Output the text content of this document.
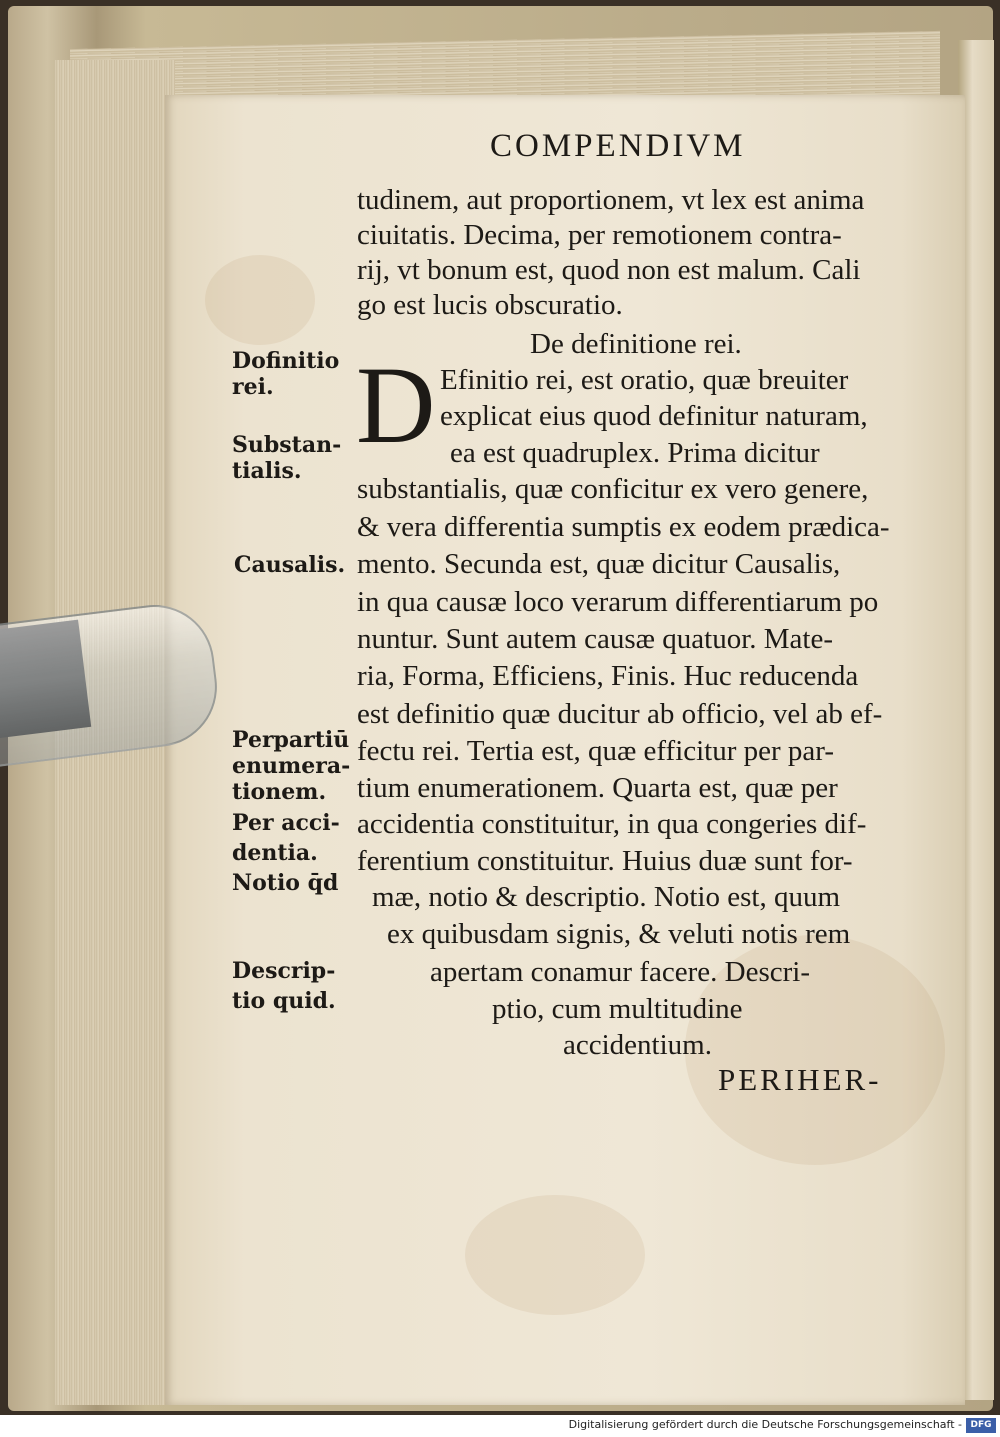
COMPENDIVM

tudinem, aut proportionem, vt lex est anima

ciuitatis. Decima, per remotionem contra-

rij, vt bonum est, quod non est malum. Cali

go est lucis obscuratio.

De definitione rei.

D Efinitio rei, est oratio, quæ breuiter

explicat eius quod definitur naturam,

ea est quadruplex. Prima dicitur

substantialis, quæ conficitur ex vero genere,

& vera differentia sumptis ex eodem prædica-

mento. Secunda est, quæ dicitur Causalis,

in qua causæ loco verarum differentiarum po

nuntur. Sunt autem causæ quatuor. Mate-

ria, Forma, Efficiens, Finis. Huc reducenda

est definitio quæ ducitur ab officio, vel ab ef-

fectu rei. Tertia est, quæ efficitur per par-

tium enumerationem. Quarta est, quæ per

accidentia constituitur, in qua congeries dif-

ferentium constituitur. Huius duæ sunt for-

mæ, notio & descriptio. Notio est, quum

ex quibusdam signis, & veluti notis rem

apertam conamur facere. Descri-

ptio, cum multitudine

accidentium.

PERIHER-

Dofinitio

rei.

Substan-

tialis.

Causalis.

Perpartiū

enumera-

tionem.

Per acci-

dentia.

Notio q̄d

Descrip-

tio quid.

Digitalisierung gefördert durch die Deutsche Forschungsgemeinschaft - DFG
